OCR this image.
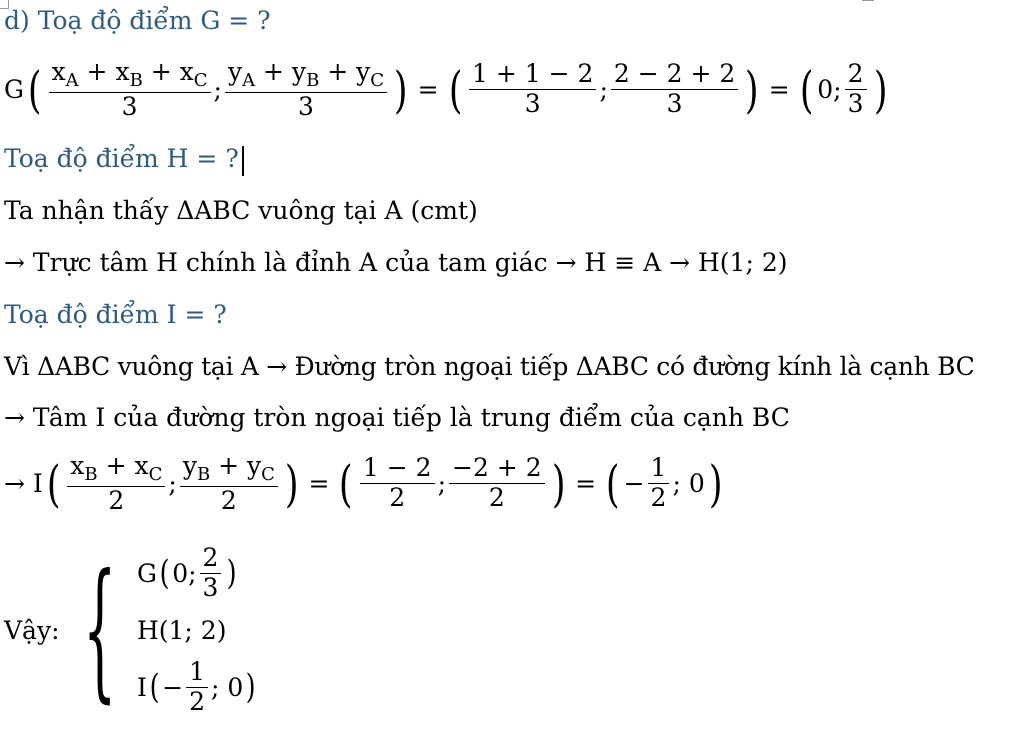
d) Toạ độ điểm G = ?
G ( $\frac{x_A + x_B + x_C}{3}$ ; $\frac{y_A + y_B + y_C}{3}$ ) = ( $\frac{1 + 1 - 2}{3}$ ; $\frac{2 - 2 + 2}{3}$ ) = ( 0; $\frac{2}{3}$ )
Toạ độ điểm H = ?
Ta nhận thấy ΔABC vuông tại A (cmt)
→ Trực tâm H chính là đỉnh A của tam giác → H ≡ A → H(1; 2)
Toạ độ điểm I = ?
Vì ΔABC vuông tại A → Đường tròn ngoại tiếp ΔABC có đường kính là cạnh BC
→ Tâm I của đường tròn ngoại tiếp là trung điểm của cạnh BC
→ I ( $\frac{x_B + x_C}{2}$ ; $\frac{y_B + y_C}{2}$ ) = ( $\frac{1 - 2}{2}$ ; $\frac{-2 + 2}{2}$ ) = ( − $\frac{1}{2}$ ; 0 )
Vậy: { G ( 0; $\frac{2}{3}$ )
H(1; 2)
I ( − $\frac{1}{2}$ ; 0 )
